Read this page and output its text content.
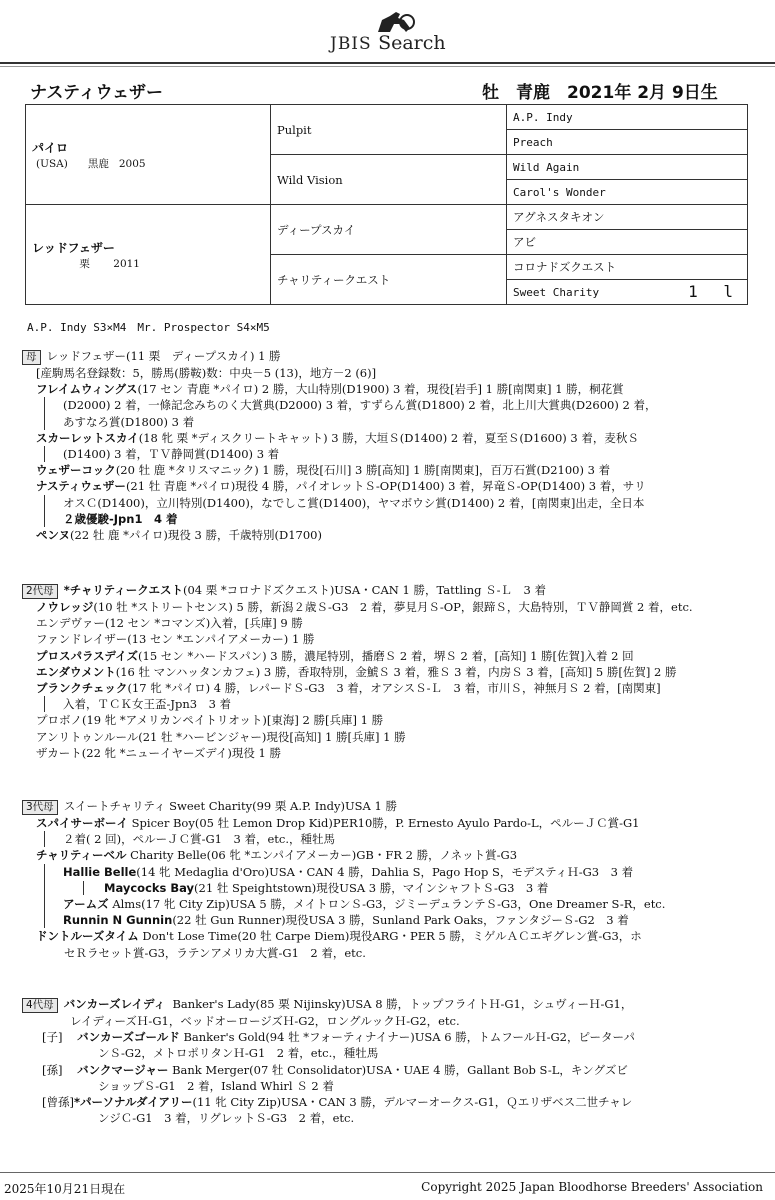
JBIS Search
ナスティウェザー	牡　青鹿　2021年 2月 9日生
パイロ
(USA) 黒鹿 2005	Pulpit	A.P. Indy
		Preach
	Wild Vision	Wild Again
		Carol's Wonder

レッドフェザー
栗 2011	ディープスカイ	アグネスタキオン
		アビ
	チャリティークエスト	コロナドズクエスト
		Sweet Charity 1 l
A.P. Indy S3×M4　Mr. Prospector S4×M5

母 レッドフェザー(11 栗　ディープスカイ) 1 勝

[産駒馬名登録数：5，勝馬(勝鞍)数：中央－5 (13)，地方－2 (6)]

フレイムウィングス(17 セン 青鹿 *パイロ) 2 勝，大山特別(D1900) 3 着，現役[岩手] 1 勝[南関東] 1 勝，桐花賞

(D2000) 2 着，一條記念みちのく大賞典(D2000) 3 着，すずらん賞(D1800) 2 着，北上川大賞典(D2600) 2 着，

あすなろ賞(D1800) 3 着

スカーレットスカイ(18 牝 栗 *ディスクリートキャット) 3 勝，大垣Ｓ(D1400) 2 着，夏至Ｓ(D1600) 3 着，麦秋Ｓ

(D1400) 3 着，ＴＶ静岡賞(D1400) 3 着

ウェザーコック(20 牡 鹿 *タリスマニック) 1 勝，現役[石川] 3 勝[高知] 1 勝[南関東]，百万石賞(D2100) 3 着

ナスティウェザー(21 牡 青鹿 *パイロ)現役 4 勝，パイオレットＳ-OP(D1400) 3 着，昇竜Ｓ-OP(D1400) 3 着，サリ

オスＣ(D1400)，立川特別(D1400)，なでしこ賞(D1400)，ヤマボウシ賞(D1400) 2 着，[南関東]出走，全日本

２歳優駿-Jpn1　4 着

ペンヌ(22 牡 鹿 *パイロ)現役 3 勝，千歳特別(D1700)

2代母 *チャリティークエスト(04 栗 *コロナドズクエスト)USA・CAN 1 勝，Tattling Ｓ-Ｌ　3 着

ノウレッジ(10 牡 *ストリートセンス) 5 勝，新潟２歳Ｓ-G3　2 着，夢見月Ｓ-OP，銀蹄Ｓ，大島特別，ＴＶ静岡賞 2 着，etc.

エンデヴァー(12 セン *コマンズ)入着，[兵庫] 9 勝

ファンドレイザー(13 セン *エンパイアメーカー) 1 勝

プロスパラスデイズ(15 セン *ハードスパン) 3 勝，濃尾特別，播磨Ｓ 2 着，堺Ｓ 2 着，[高知] 1 勝[佐賀]入着 2 回

エンダウメント(16 牡 マンハッタンカフェ) 3 勝，香取特別，金鯱Ｓ 3 着，雅Ｓ 3 着，内房Ｓ 3 着，[高知] 5 勝[佐賀] 2 勝

ブランクチェック(17 牝 *パイロ) 4 勝，レパードＳ-G3　3 着，オアシスＳ-Ｌ　3 着，市川Ｓ，神無月Ｓ 2 着，[南関東]

入着，ＴＣＫ女王盃-Jpn3　3 着

プロボノ(19 牝 *アメリカンペイトリオット)[東海] 2 勝[兵庫] 1 勝

アンリトゥンルール(21 牡 *ハービンジャー)現役[高知] 1 勝[兵庫] 1 勝

ザカート(22 牝 *ニューイヤーズデイ)現役 1 勝

3代母 スイートチャリティ Sweet Charity(99 栗 A.P. Indy)USA 1 勝

スパイサーボーイ Spicer Boy(05 牡 Lemon Drop Kid)PER10勝，P. Ernesto Ayulo Pardo-L，ペルーＪＣ賞-G1

２着( 2 回)，ペルーＪＣ賞-G1　3 着，etc.，種牡馬

チャリティーベル Charity Belle(06 牝 *エンパイアメーカー)GB・FR 2 勝，ノネット賞-G3

Hallie Belle(14 牝 Medaglia d'Oro)USA・CAN 4 勝，Dahlia S，Pago Hop S，モデスティＨ-G3　3 着

Maycocks Bay(21 牡 Speightstown)現役USA 3 勝，マインシャフトＳ-G3　3 着

アームズ Alms(17 牝 City Zip)USA 5 勝，メイトロンＳ-G3，ジミーデュランテＳ-G3，One Dreamer S-R，etc.

Runnin N Gunnin(22 牡 Gun Runner)現役USA 3 勝，Sunland Park Oaks，ファンタジーＳ-G2　3 着

ドントルーズタイム Don't Lose Time(20 牡 Carpe Diem)現役ARG・PER 5 勝，ミゲルＡＣエギグレン賞-G3，ホ

セＲラセット賞-G3，ラテンアメリカ大賞-G1　2 着，etc.

4代母 バンカーズレイディ Banker's Lady(85 栗 Nijinsky)USA 8 勝，トップフライトＨ-G1，シュヴィーＨ-G1，

レイディーズＨ-G1，ベッドオーロージズＨ-G2，ロングルックＨ-G2，etc.

[子] バンカーズゴールド Banker's Gold(94 牡 *フォーティナイナー)USA 6 勝，トムフールＨ-G2，ピーターパ

ンＳ-G2，メトロポリタンＨ-G1　2 着，etc.，種牡馬

[孫] バンクマージャー Bank Merger(07 牡 Consolidator)USA・UAE 4 勝，Gallant Bob S-L，キングズビ

ショップＳ-G1　2 着，Island Whirl Ｓ 2 着

[曾孫]*パーソナルダイアリー(11 牝 City Zip)USA・CAN 3 勝，デルマーオークス-G1，Ｑエリザベス二世チャレ

ンジＣ-G1　3 着，リグレットＳ-G3　2 着，etc.

2025年10月21日現在	Copyright 2025 Japan Bloodhorse Breeders' Association
